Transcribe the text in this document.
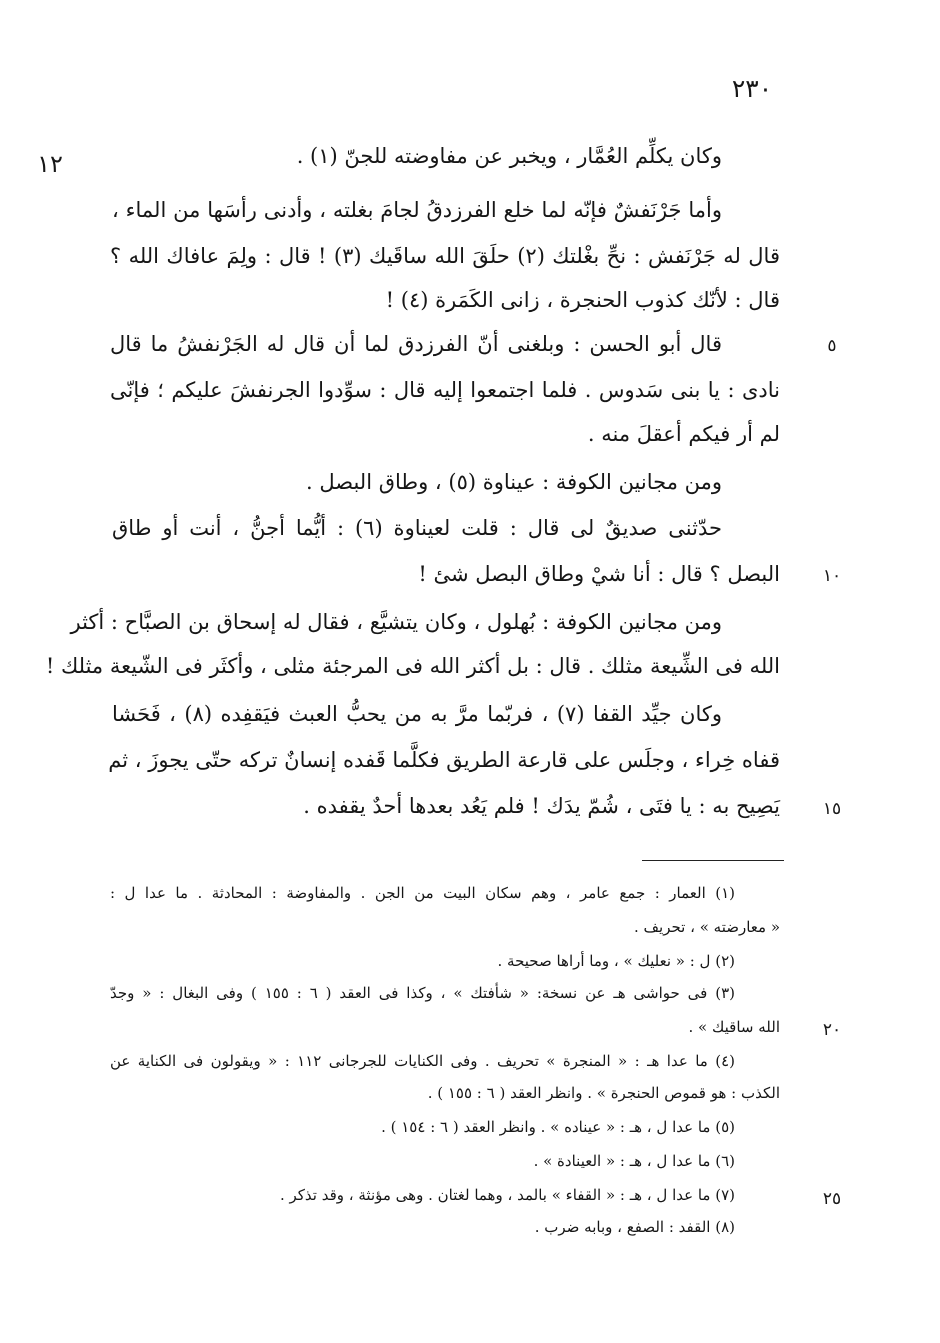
٢٣٠
١٢
٥
١٠
١٥
٢٠
٢٥
وكان يكلِّم العُمَّار ، ويخبر عن مفاوضته للجنّ (١) .
وأما جَرْنَفشٌ فإنّه لما خلع الفرزدقُ لجامَ بغلته ، وأدنى رأسَها من الماء ،
قال له جَرْنَفش : نحِّ بغْلتك (٢) حلَقَ الله ساقَيك (٣) ! قال : ولِمَ عافاك الله ؟
قال : لأنّك كذوب الحنجرة ، زانى الكَمَرة (٤) !
قال أبو الحسن : وبلغنى أنّ الفرزدق لما أن قال له الجَرْنفشُ ما قال
نادى : يا بنى سَدوس . فلما اجتمعوا إليه قال : سوِّدوا الجرنفشَ عليكم ؛ فإنّى
لم أر فيكم أعقلَ منه .
ومن مجانين الكوفة : عيناوة (٥) ، وطاق البصل .
حدّثنى صديقٌ لى قال : قلت لعيناوة (٦) : أيُّما أجنُّ ، أنت أو طاق
البصل ؟ قال : أنا شيْ وطاق البصل شئ !
ومن مجانين الكوفة : بُهلول ، وكان يتشيَّع ، فقال له إسحاق بن الصبَّاح : أكثر
الله فى الشِّيعة مثلك . قال : بل أكثر الله فى المرجئة مثلى ، وأكثَر فى الشّيعة مثلك !
وكان جيِّد القفا (٧) ، فربّما مرَّ به من يحبُّ العبث فيَقفِده (٨) ، فَحَشا
قفاه خِراء ، وجلَس على قارعة الطريق فكلَّما قَفده إنسانٌ تركه حتّى يجوزَ ، ثم
يَصِيح به : يا فتَى ، شُمّ يدَك ! فلم يَعُد بعدها أحدٌ يقفده .
(١) العمار : جمع عامر ، وهم سكان البيت من الجن . والمفاوضة : المحادثة . ما عدا ل :
« معارضته » ، تحريف .
(٢) ل : « نعليك » ، وما أراها صحيحة .
(٣) فى حواشى هـ عن نسخة: « شأفتك » ، وكذا فى العقد ( ٦ : ١٥٥ ) وفى البغال : « وجدّ
الله ساقيك » .
(٤) ما عدا هـ : « المنجرة » تحريف . وفى الكنايات للجرجانى ١١٢ : « ويقولون فى الكناية عن
الكذب : هو قموص الحنجرة » . وانظر العقد ( ٦ : ١٥٥ ) .
(٥) ما عدا ل ، هـ : « عيناده » . وانظر العقد ( ٦ : ١٥٤ ) .
(٦) ما عدا ل ، هـ : « العينادة » .
(٧) ما عدا ل ، هـ : « القفاء » بالمد ، وهما لغتان . وهى مؤنثة ، وقد تذكر .
(٨) القفد : الصفع ، وبابه ضرب .
